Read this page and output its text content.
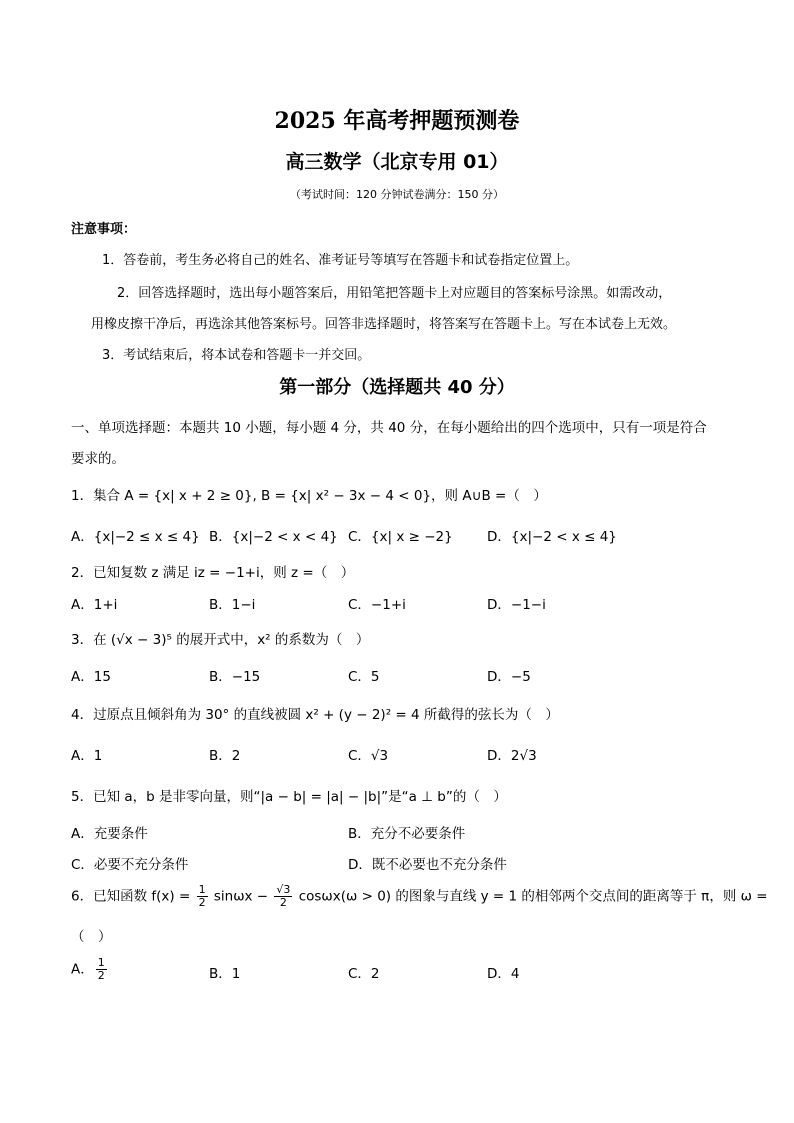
2025 年高考押题预测卷
高三数学（北京专用 01）
（考试时间：120 分钟试卷满分：150 分）
注意事项：
1．答卷前，考生务必将自己的姓名、准考证号等填写在答题卡和试卷指定位置上。
2．回答选择题时，选出每小题答案后，用铅笔把答题卡上对应题目的答案标号涂黑。如需改动，
用橡皮擦干净后，再选涂其他答案标号。回答非选择题时，将答案写在答题卡上。写在本试卷上无效。
3．考试结束后，将本试卷和答题卡一并交回。
第一部分（选择题共 40 分）
一、单项选择题：本题共 10 小题，每小题 4 分，共 40 分，在每小题给出的四个选项中，只有一项是符合
要求的。
1．集合 A = {x| x + 2 ≥ 0}, B = {x| x² − 3x − 4 < 0}，则 A∪B =（　）
A．{x|−2 ≤ x ≤ 4} B．{x|−2 < x < 4} C．{x| x ≥ −2}	D．{x|−2 < x ≤ 4}
2．已知复数 z 满足 iz = −1+i，则 z =（　）
A．1+i	B．1−i	C．−1+i	D．−1−i
3．在 (√x − 3)⁵ 的展开式中，x² 的系数为（　）
A．15	B．−15	C．5	D．−5
4．过原点且倾斜角为 30° 的直线被圆 x² + (y − 2)² = 4 所截得的弦长为（　）
A．1	B．2	C．√3	D．2√3
5．已知 a，b 是非零向量，则“|a − b| = |a| − |b|”是“a ⊥ b”的（　）
A．充要条件	B．充分不必要条件
C．必要不充分条件	D．既不必要也不充分条件
6．已知函数 $f(x) = \frac{1}{2}$ $\sin\omega x - \frac{√3}{2} \cos\omega x(\omega > 0)$ 的图象与直线 y = 1 的相邻两个交点间的距离等于 π，则 ω =
（　）
A． $\frac{1}{2}$	B．1	C．2	D．4
